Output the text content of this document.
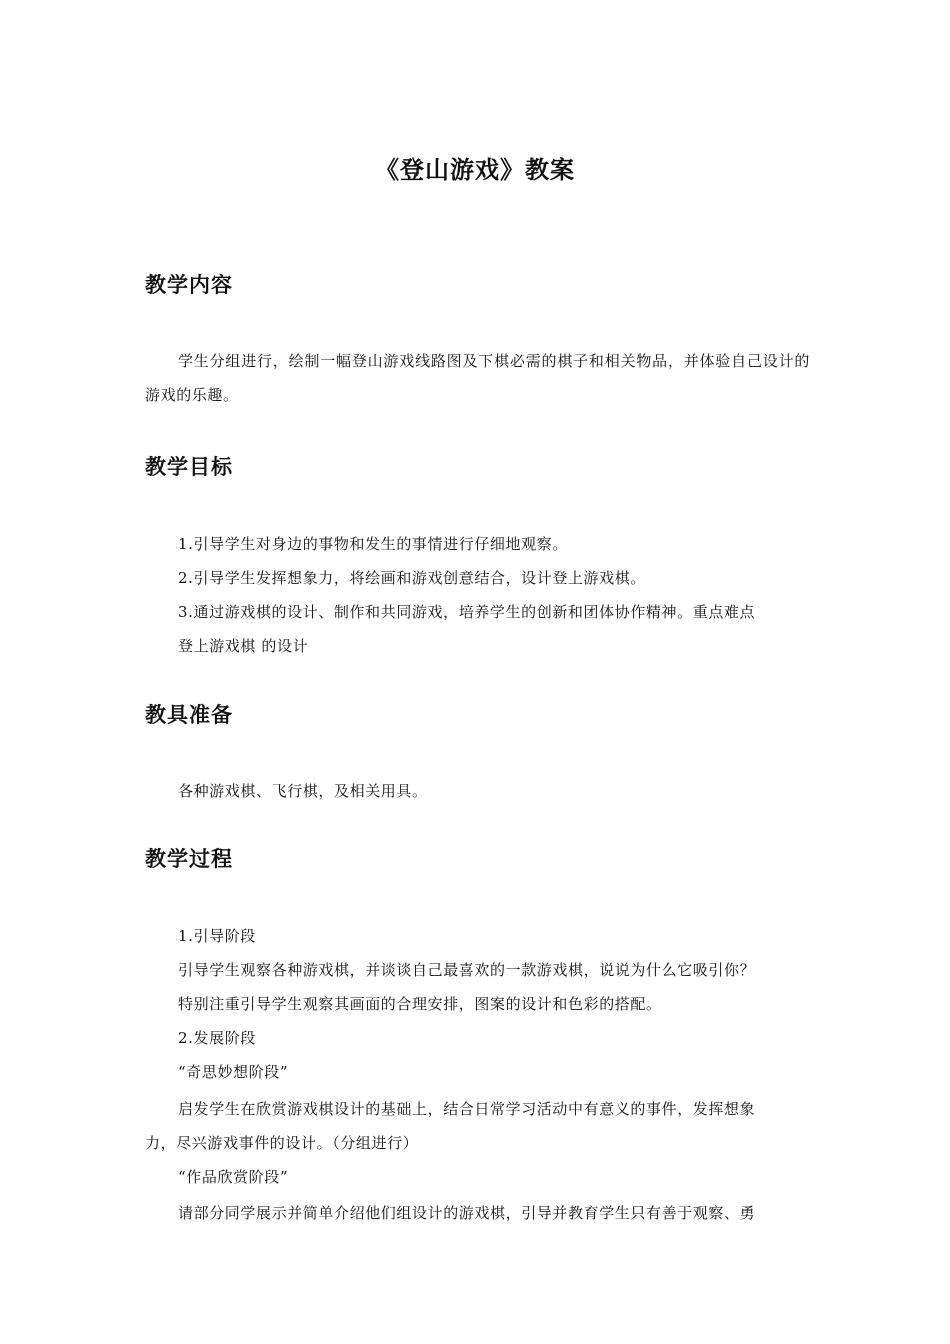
《登山游戏》教案
教学内容
学生分组进行，绘制一幅登山游戏线路图及下棋必需的棋子和相关物品，并体验自己设计的游戏的乐趣。
教学目标
1.引导学生对身边的事物和发生的事情进行仔细地观察。
2.引导学生发挥想象力，将绘画和游戏创意结合，设计登上游戏棋。
3.通过游戏棋的设计、制作和共同游戏，培养学生的创新和团体协作精神。重点难点
登上游戏棋 的设计
教具准备
各种游戏棋、飞行棋，及相关用具。
教学过程
1.引导阶段
引导学生观察各种游戏棋，并谈谈自己最喜欢的一款游戏棋，说说为什么它吸引你？
特别注重引导学生观察其画面的合理安排，图案的设计和色彩的搭配。
2.发展阶段
“奇思妙想阶段”
启发学生在欣赏游戏棋设计的基础上，结合日常学习活动中有意义的事件，发挥想象
力，尽兴游戏事件的设计。（分组进行）
“作品欣赏阶段”
请部分同学展示并简单介绍他们组设计的游戏棋，引导并教育学生只有善于观察、勇
